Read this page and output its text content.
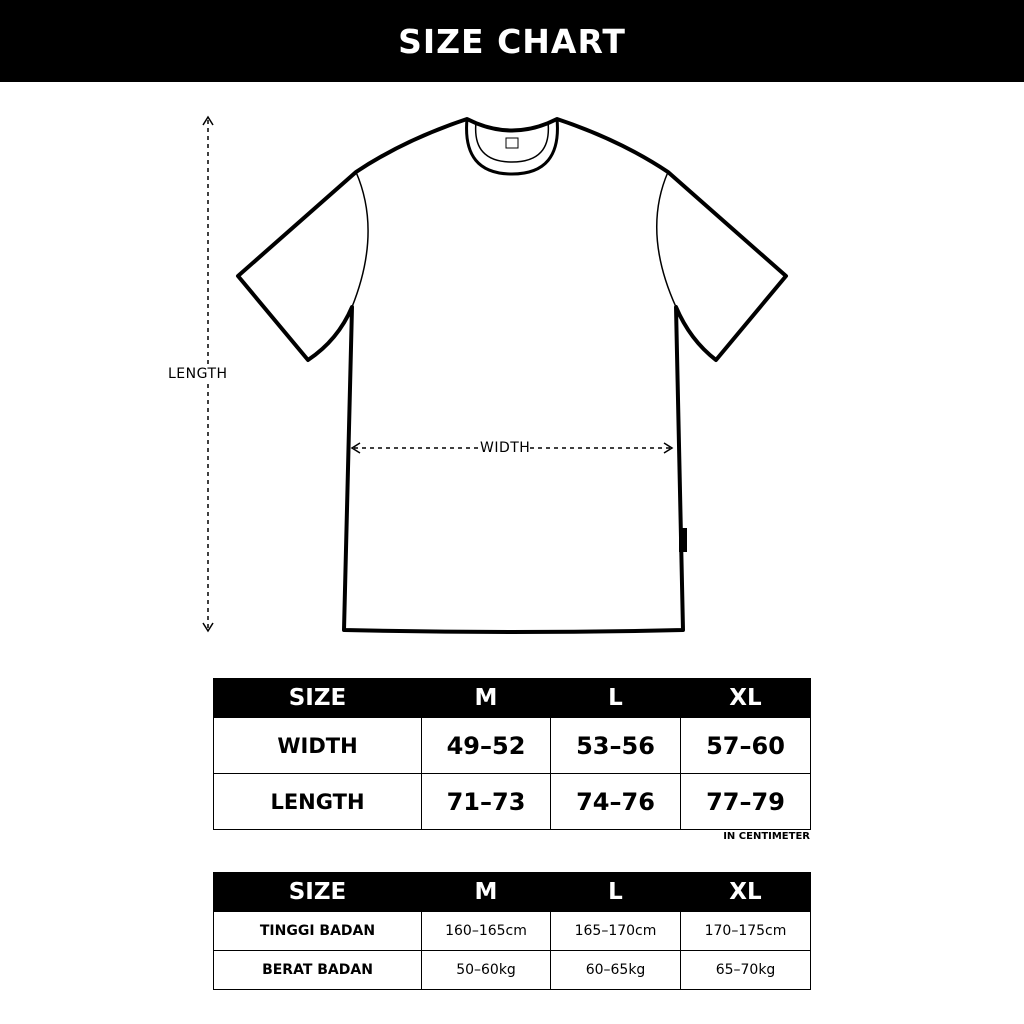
SIZE CHART
LENGTH
WIDTH
SIZE	M	L	XL
WIDTH	49–52	53–56	57–60
LENGTH	71–73	74–76	77–79
IN CENTIMETER
SIZE	M	L	XL
TINGGI BADAN	160–165cm	165–170cm	170–175cm
BERAT BADAN	50–60kg	60–65kg	65–70kg
